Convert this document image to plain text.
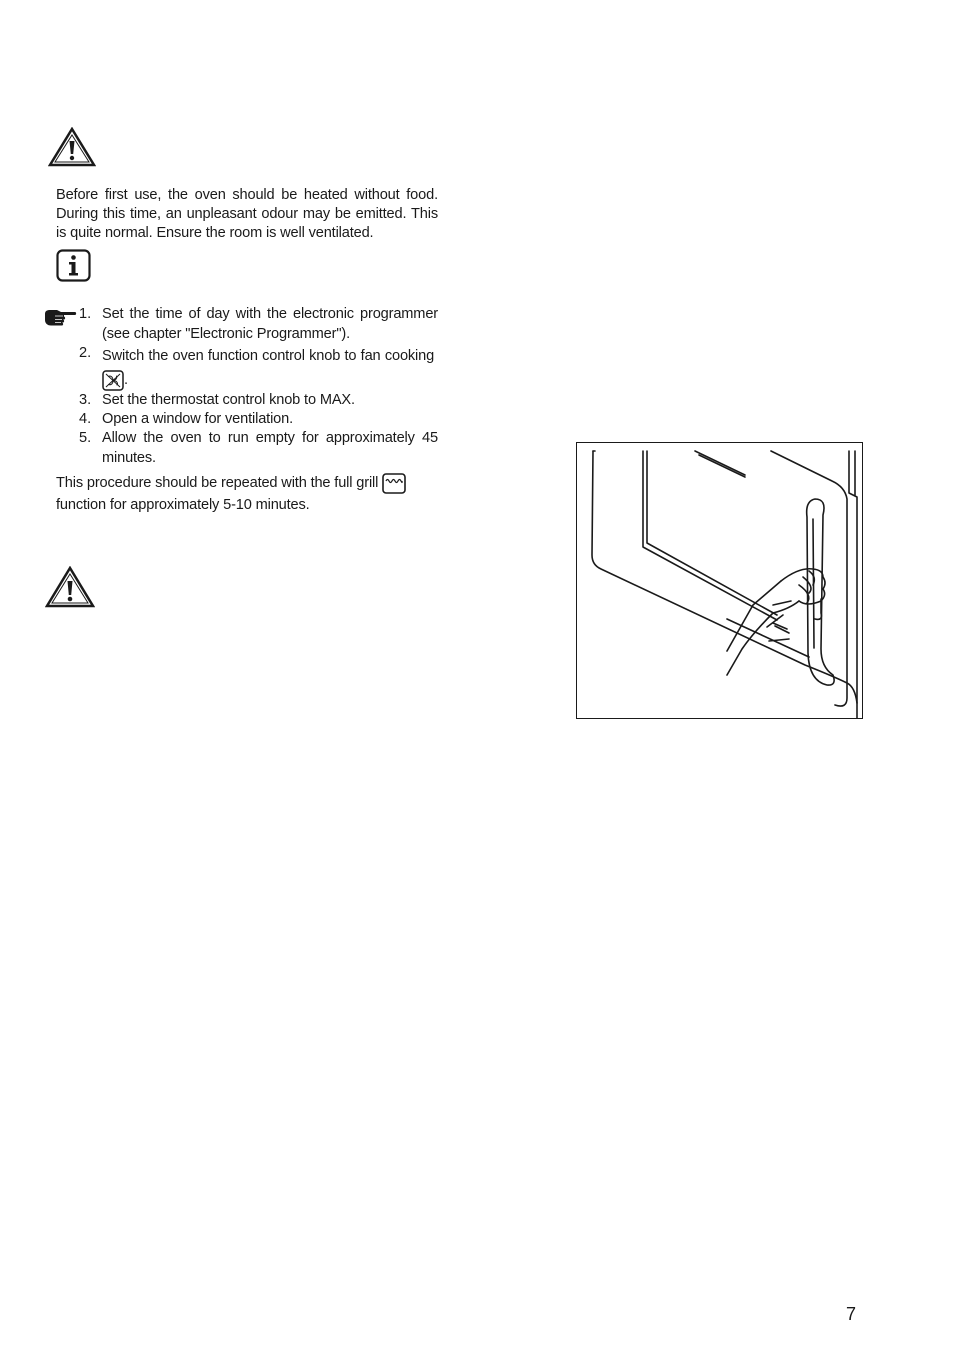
Before first use, the oven should be heated without food. During this time, an unpleasant odour may be emitted. This is quite normal. Ensure the room is well ventilated.
1. Set the time of day with the electronic programmer (see chapter "Electronic Programmer").
2. Switch the oven function control knob to fan cooking
.
3. Set the thermostat control knob to MAX.
4. Open a window for ventilation.
5. Allow the oven to run empty for approximately 45 minutes.
This procedure should be repeated with the full grill

function for approximately 5-10 minutes.
7
